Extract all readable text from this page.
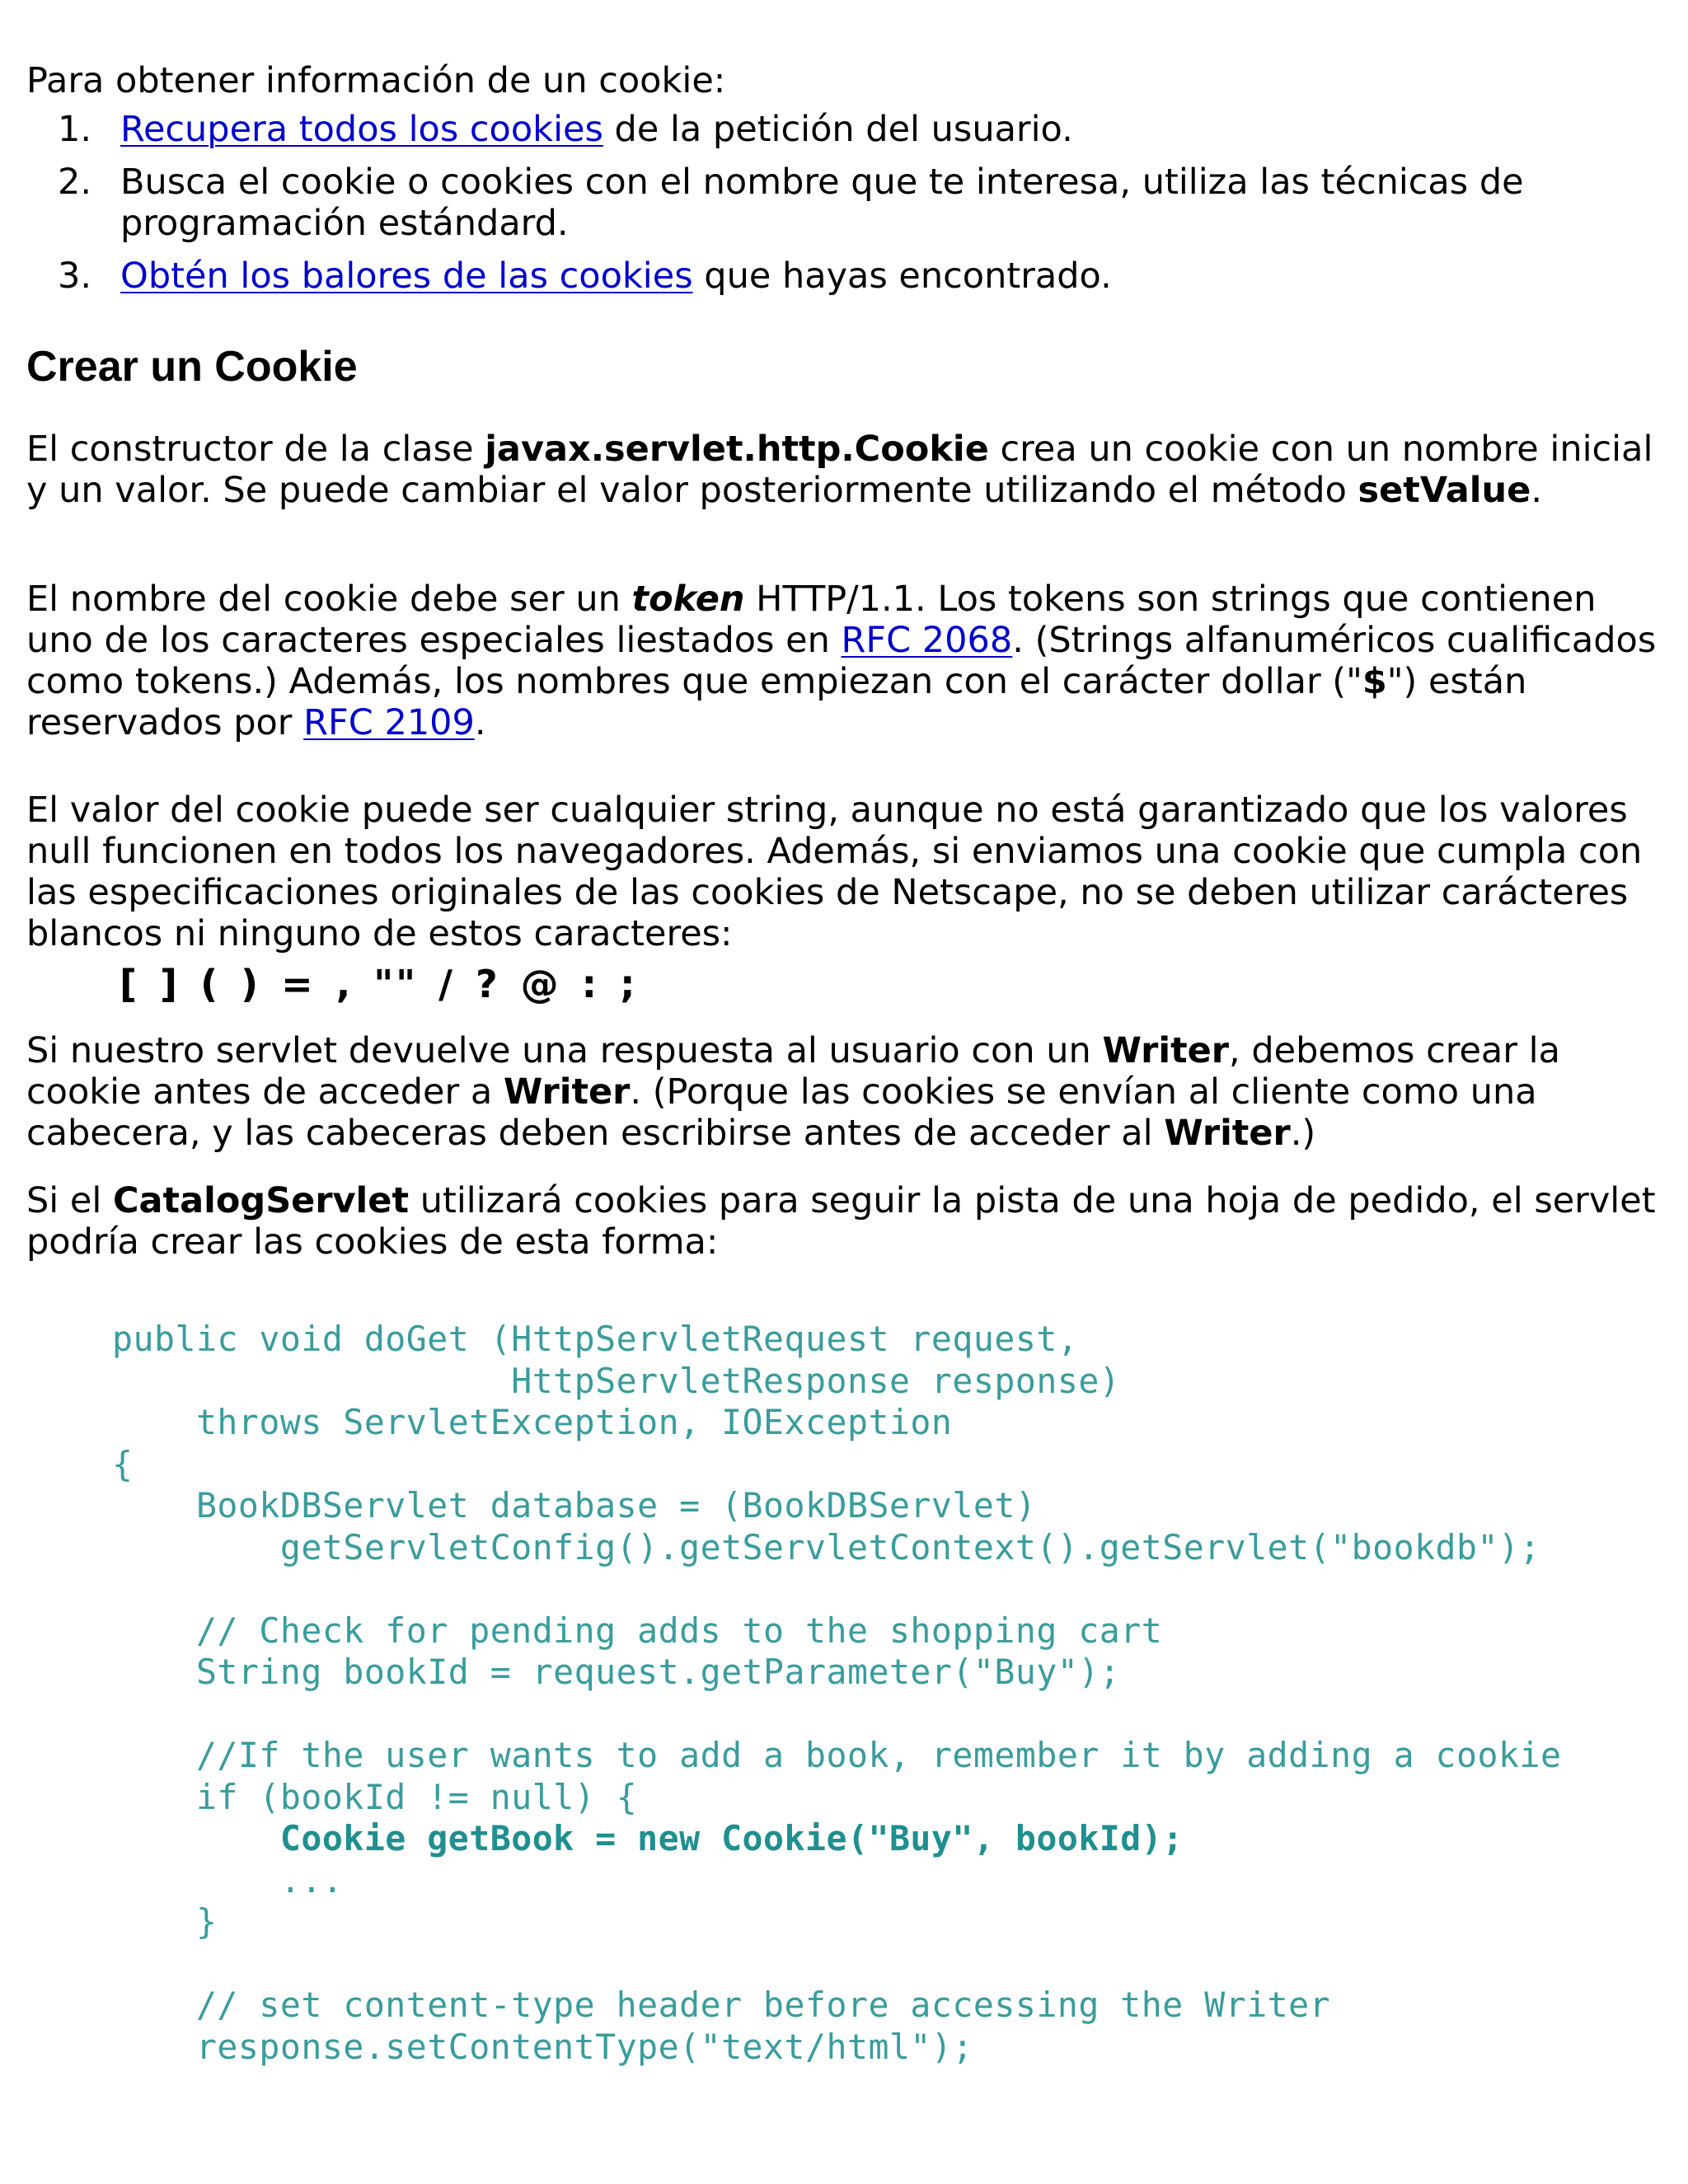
Para obtener información de un cookie:

1. Recupera todos los cookies de la petición del usuario.
2. Busca el cookie o cookies con el nombre que te interesa, utiliza las técnicas de programación estándard.
3. Obtén los balores de las cookies que hayas encontrado.
Crear un Cookie

El constructor de la clase javax.servlet.http.Cookie crea un cookie con un nombre inicial y un valor. Se puede cambiar el valor posteriormente utilizando el método setValue.

El nombre del cookie debe ser un token HTTP/1.1. Los tokens son strings que contienen uno de los caracteres especiales liestados en RFC 2068. (Strings alfanuméricos cualificados como tokens.) Además, los nombres que empiezan con el carácter dollar ("$") están reservados por RFC 2109.

El valor del cookie puede ser cualquier string, aunque no está garantizado que los valores null funcionen en todos los navegadores. Además, si enviamos una cookie que cumpla con las especificaciones originales de las cookies de Netscape, no se deben utilizar carácteres blancos ni ninguno de estos caracteres:

[ ] ( ) = , "" / ? @ : ;

Si nuestro servlet devuelve una respuesta al usuario con un Writer, debemos crear la cookie antes de acceder a Writer. (Porque las cookies se envían al cliente como una cabecera, y las cabeceras deben escribirse antes de acceder al Writer.)

Si el CatalogServlet utilizará cookies para seguir la pista de una hoja de pedido, el servlet podría crear las cookies de esta forma:

public void doGet (HttpServletRequest request,
HttpServletResponse response)
throws ServletException, IOException
{
BookDBServlet database = (BookDBServlet)
getServletConfig().getServletContext().getServlet("bookdb");
// Check for pending adds to the shopping cart
String bookId = request.getParameter("Buy");
//If the user wants to add a book, remember it by adding a cookie
if (bookId != null) {
Cookie getBook = new Cookie("Buy", bookId);
...
}
// set content-type header before accessing the Writer
response.setContentType("text/html");
